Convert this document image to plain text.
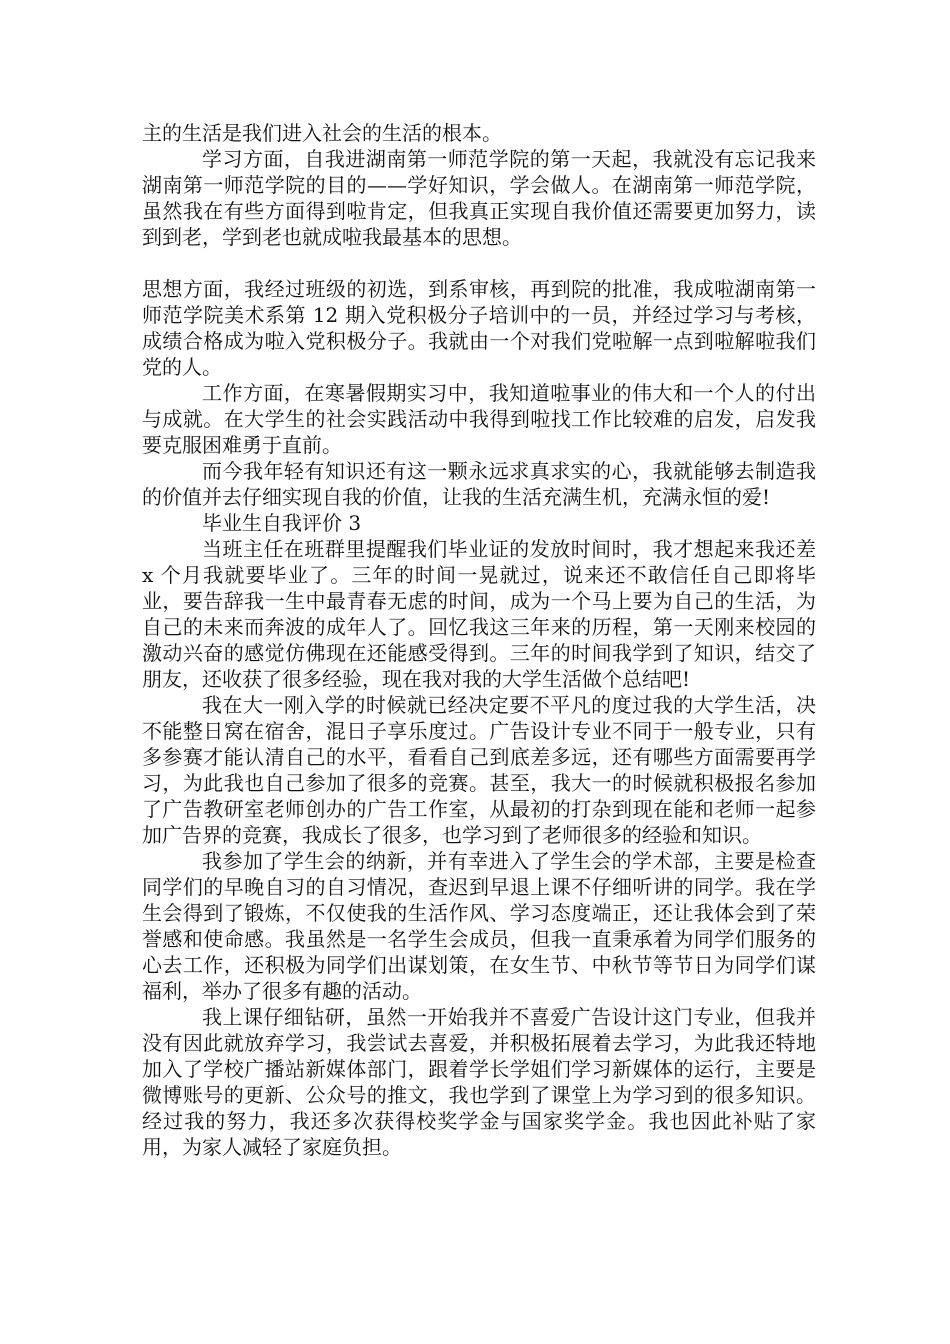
主的生活是我们进入社会的生活的根本。

学习方面，自我进湖南第一师范学院的第一天起，我就没有忘记我来湖南第一师范学院的目的——学好知识，学会做人。在湖南第一师范学院，虽然我在有些方面得到啦肯定，但我真正实现自我价值还需要更加努力，读到到老，学到老也就成啦我最基本的思想。

思想方面，我经过班级的初选，到系审核，再到院的批准，我成啦湖南第一师范学院美术系第 12 期入党积极分子培训中的一员，并经过学习与考核，成绩合格成为啦入党积极分子。我就由一个对我们党啦解一点到啦解啦我们党的人。

工作方面，在寒暑假期实习中，我知道啦事业的伟大和一个人的付出与成就。在大学生的社会实践活动中我得到啦找工作比较难的启发，启发我要克服困难勇于直前。

而今我年轻有知识还有这一颗永远求真求实的心，我就能够去制造我的价值并去仔细实现自我的价值，让我的生活充满生机，充满永恒的爱!

毕业生自我评价 3

当班主任在班群里提醒我们毕业证的发放时间时，我才想起来我还差 x 个月我就要毕业了。三年的时间一晃就过，说来还不敢信任自己即将毕业，要告辞我一生中最青春无虑的时间，成为一个马上要为自己的生活，为自己的未来而奔波的成年人了。回忆我这三年来的历程，第一天刚来校园的激动兴奋的感觉仿佛现在还能感受得到。三年的时间我学到了知识，结交了朋友，还收获了很多经验，现在我对我的大学生活做个总结吧!

我在大一刚入学的时候就已经决定要不平凡的度过我的大学生活，决不能整日窝在宿舍，混日子享乐度过。广告设计专业不同于一般专业，只有多参赛才能认清自己的水平，看看自己到底差多远，还有哪些方面需要再学习，为此我也自己参加了很多的竞赛。甚至，我大一的时候就积极报名参加了广告教研室老师创办的广告工作室，从最初的打杂到现在能和老师一起参加广告界的竞赛，我成长了很多，也学习到了老师很多的经验和知识。

我参加了学生会的纳新，并有幸进入了学生会的学术部，主要是检查同学们的早晚自习的自习情况，查迟到早退上课不仔细听讲的同学。我在学生会得到了锻炼，不仅使我的生活作风、学习态度端正，还让我体会到了荣誉感和使命感。我虽然是一名学生会成员，但我一直秉承着为同学们服务的心去工作，还积极为同学们出谋划策，在女生节、中秋节等节日为同学们谋福利，举办了很多有趣的活动。

我上课仔细钻研，虽然一开始我并不喜爱广告设计这门专业，但我并没有因此就放弃学习，我尝试去喜爱，并积极拓展着去学习，为此我还特地加入了学校广播站新媒体部门，跟着学长学姐们学习新媒体的运行，主要是微博账号的更新、公众号的推文，我也学到了课堂上为学习到的很多知识。经过我的努力，我还多次获得校奖学金与国家奖学金。我也因此补贴了家用，为家人减轻了家庭负担。
